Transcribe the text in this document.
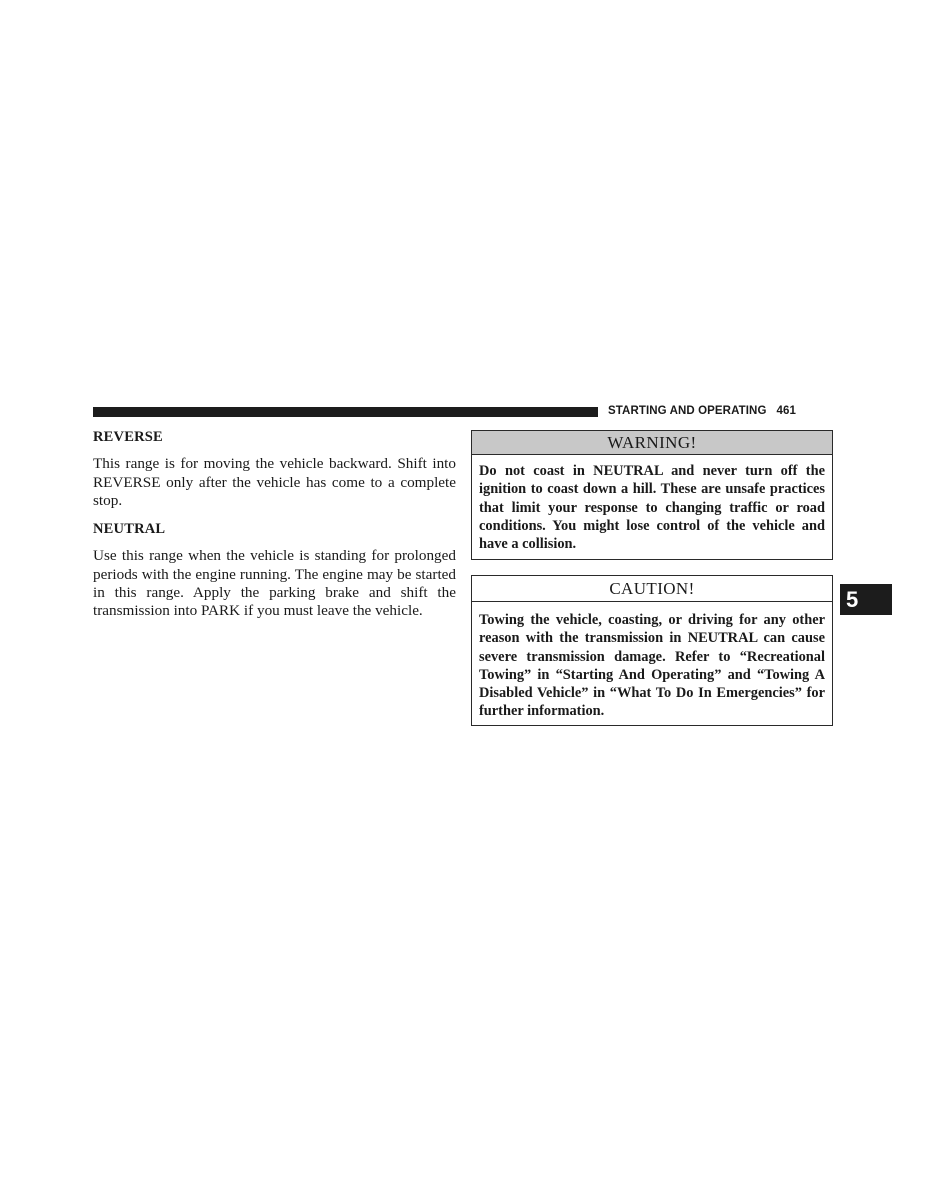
STARTING AND OPERATING 461

REVERSE

This range is for moving the vehicle backward. Shift into REVERSE only after the vehicle has come to a complete stop.

NEUTRAL

Use this range when the vehicle is standing for prolonged periods with the engine running. The engine may be started in this range. Apply the parking brake and shift the transmission into PARK if you must leave the vehicle.

WARNING!
Do not coast in NEUTRAL and never turn off the ignition to coast down a hill. These are unsafe practices that limit your response to changing traffic or road conditions. You might lose control of the vehicle and have a collision.
CAUTION!
Towing the vehicle, coasting, or driving for any other reason with the transmission in NEUTRAL can cause severe transmission damage. Refer to “Recreational Towing” in “Starting And Operating” and “Towing A Disabled Vehicle” in “What To Do In Emergencies” for further information.
5
